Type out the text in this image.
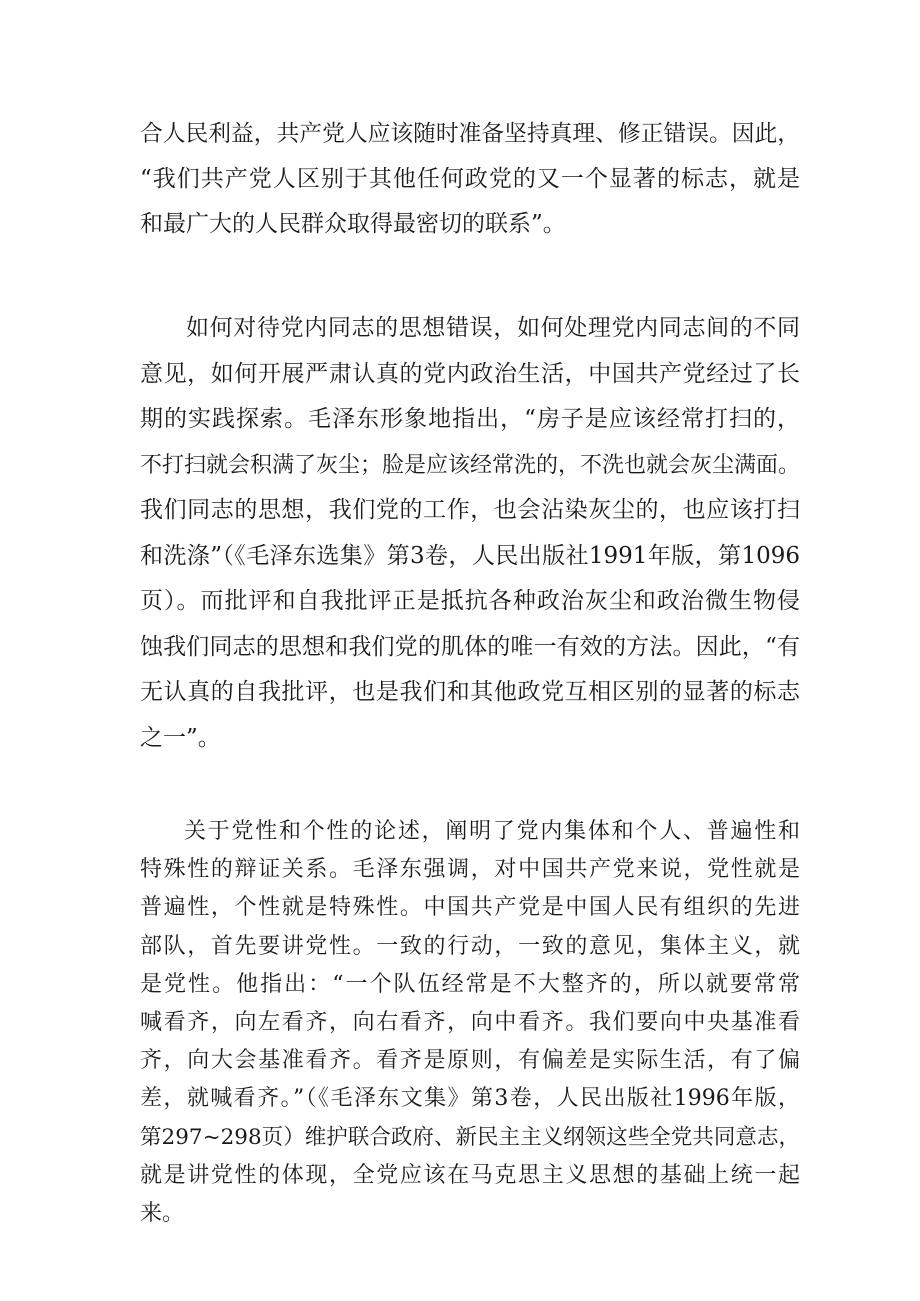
合人民利益，共产党人应该随时准备坚持真理、修正错误。因此，
“我们共产党人区别于其他任何政党的又一个显著的标志，就是
和最广大的人民群众取得最密切的联系”。

如何对待党内同志的思想错误，如何处理党内同志间的不同
意见，如何开展严肃认真的党内政治生活，中国共产党经过了长
期的实践探索。毛泽东形象地指出，“房子是应该经常打扫的，
不打扫就会积满了灰尘；脸是应该经常洗的，不洗也就会灰尘满面。
我们同志的思想，我们党的工作，也会沾染灰尘的，也应该打扫
和洗涤”（《毛泽东选集》第3卷，人民出版社1991年版，第1096
页）。而批评和自我批评正是抵抗各种政治灰尘和政治微生物侵
蚀我们同志的思想和我们党的肌体的唯一有效的方法。因此，“有
无认真的自我批评，也是我们和其他政党互相区别的显著的标志
之一”。

关于党性和个性的论述，阐明了党内集体和个人、普遍性和
特殊性的辩证关系。毛泽东强调，对中国共产党来说，党性就是
普遍性，个性就是特殊性。中国共产党是中国人民有组织的先进
部队，首先要讲党性。一致的行动，一致的意见，集体主义，就
是党性。他指出：“一个队伍经常是不大整齐的，所以就要常常
喊看齐，向左看齐，向右看齐，向中看齐。我们要向中央基准看
齐，向大会基准看齐。看齐是原则，有偏差是实际生活，有了偏
差，就喊看齐。”（《毛泽东文集》第3卷，人民出版社1996年版，
第297~298页）维护联合政府、新民主主义纲领这些全党共同意志，
就是讲党性的体现，全党应该在马克思主义思想的基础上统一起
来。
